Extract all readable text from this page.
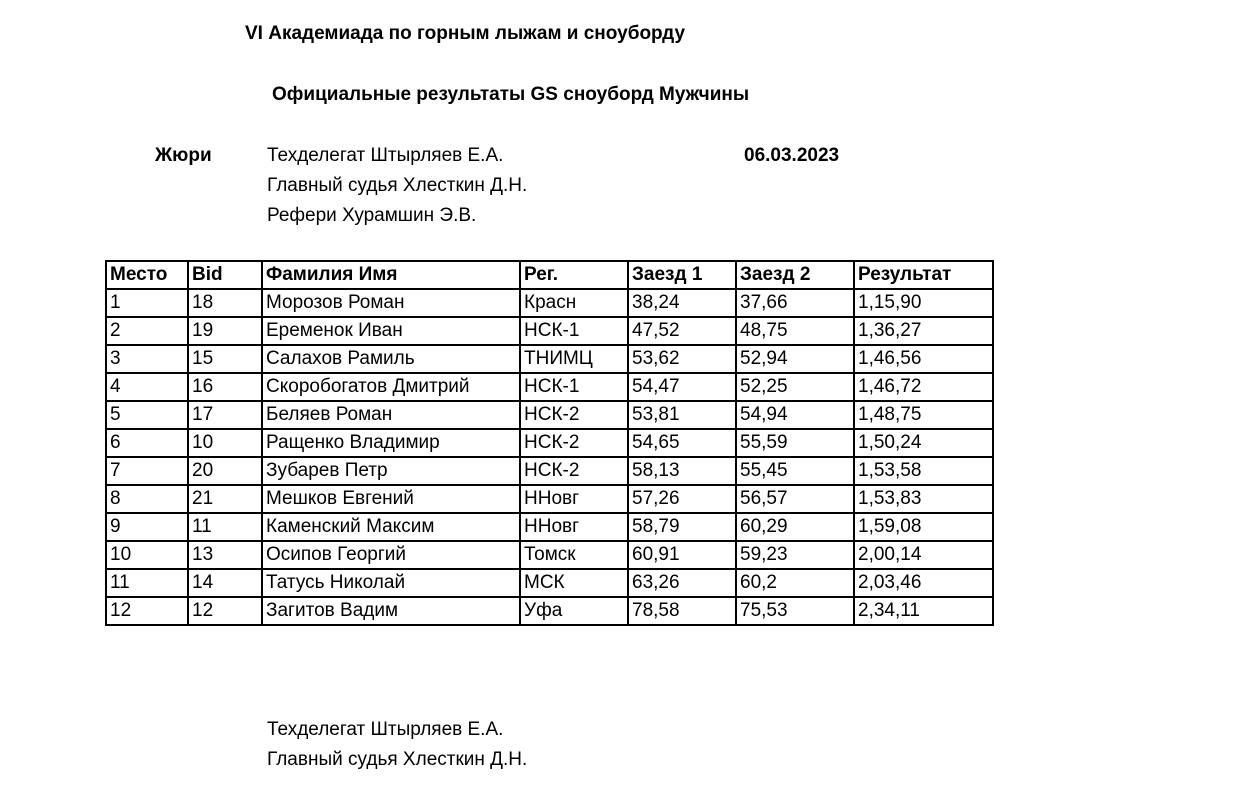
VI Академиада по горным лыжам и сноуборду
Официальные результаты GS сноуборд Мужчины
Жюри	Техделегат Штырляев Е.А.
Главный судья Хлесткин Д.Н.
Рефери Хурамшин Э.В.
06.03.2023
Место	Bid	Фамилия Имя	Рег.	Заезд 1	Заезд 2	Результат
1	18	Морозов Роман	Красн	38,24	37,66	1,15,90
2	19	Еременок Иван	НСК-1	47,52	48,75	1,36,27
3	15	Салахов Рамиль	ТНИМЦ	53,62	52,94	1,46,56
4	16	Скоробогатов Дмитрий	НСК-1	54,47	52,25	1,46,72
5	17	Беляев Роман	НСК-2	53,81	54,94	1,48,75
6	10	Ращенко Владимир	НСК-2	54,65	55,59	1,50,24
7	20	Зубарев Петр	НСК-2	58,13	55,45	1,53,58
8	21	Мешков Евгений	ННовг	57,26	56,57	1,53,83
9	11	Каменский Максим	ННовг	58,79	60,29	1,59,08
10	13	Осипов Георгий	Томск	60,91	59,23	2,00,14
11	14	Татусь Николай	МСК	63,26	60,2	2,03,46
12	12	Загитов Вадим	Уфа	78,58	75,53	2,34,11
Техделегат Штырляев Е.А.
Главный судья Хлесткин Д.Н.
